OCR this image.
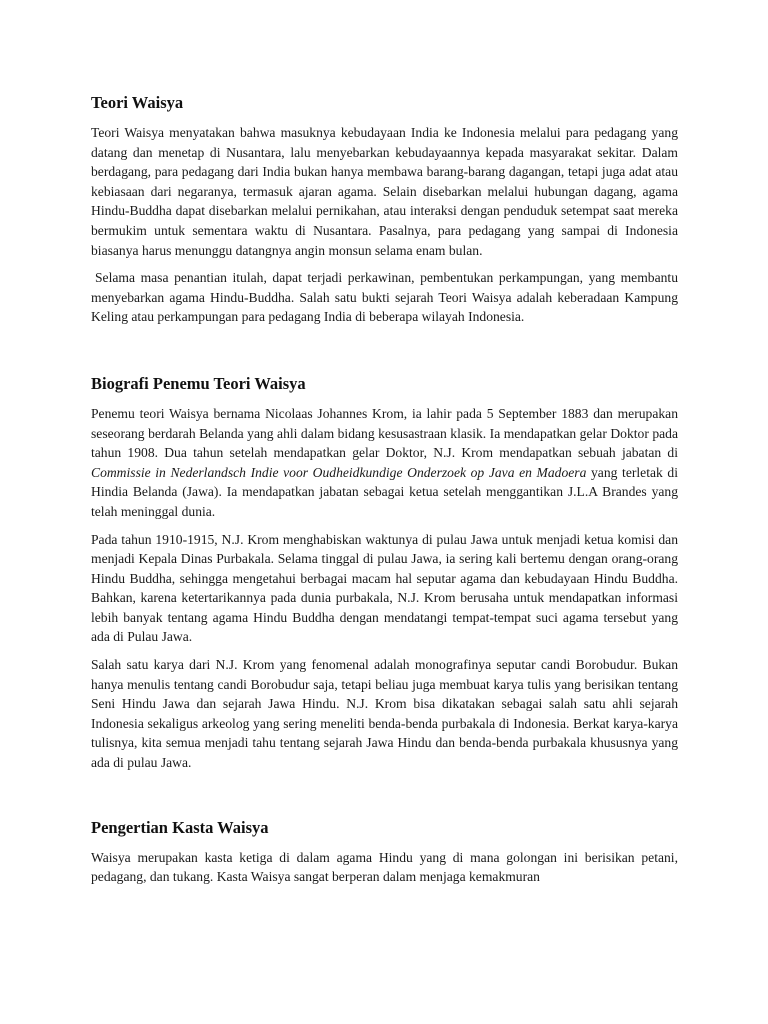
Teori Waisya

Teori Waisya menyatakan bahwa masuknya kebudayaan India ke Indonesia melalui para pedagang yang datang dan menetap di Nusantara, lalu menyebarkan kebudayaannya kepada masyarakat sekitar. Dalam berdagang, para pedagang dari India bukan hanya membawa barang-barang dagangan, tetapi juga adat atau kebiasaan dari negaranya, termasuk ajaran agama. Selain disebarkan melalui hubungan dagang, agama Hindu-Buddha dapat disebarkan melalui pernikahan, atau interaksi dengan penduduk setempat saat mereka bermukim untuk sementara waktu di Nusantara. Pasalnya, para pedagang yang sampai di Indonesia biasanya harus menunggu datangnya angin monsun selama enam bulan.

Selama masa penantian itulah, dapat terjadi perkawinan, pembentukan perkampungan, yang membantu menyebarkan agama Hindu-Buddha. Salah satu bukti sejarah Teori Waisya adalah keberadaan Kampung Keling atau perkampungan para pedagang India di beberapa wilayah Indonesia.

Biografi Penemu Teori Waisya

Penemu teori Waisya bernama Nicolaas Johannes Krom, ia lahir pada 5 September 1883 dan merupakan seseorang berdarah Belanda yang ahli dalam bidang kesusastraan klasik. Ia mendapatkan gelar Doktor pada tahun 1908. Dua tahun setelah mendapatkan gelar Doktor, N.J. Krom mendapatkan sebuah jabatan di Commissie in Nederlandsch Indie voor Oudheidkundige Onderzoek op Java en Madoera yang terletak di Hindia Belanda (Jawa). Ia mendapatkan jabatan sebagai ketua setelah menggantikan J.L.A Brandes yang telah meninggal dunia.

Pada tahun 1910-1915, N.J. Krom menghabiskan waktunya di pulau Jawa untuk menjadi ketua komisi dan menjadi Kepala Dinas Purbakala. Selama tinggal di pulau Jawa, ia sering kali bertemu dengan orang-orang Hindu Buddha, sehingga mengetahui berbagai macam hal seputar agama dan kebudayaan Hindu Buddha. Bahkan, karena ketertarikannya pada dunia purbakala, N.J. Krom berusaha untuk mendapatkan informasi lebih banyak tentang agama Hindu Buddha dengan mendatangi tempat-tempat suci agama tersebut yang ada di Pulau Jawa.

Salah satu karya dari N.J. Krom yang fenomenal adalah monografinya seputar candi Borobudur. Bukan hanya menulis tentang candi Borobudur saja, tetapi beliau juga membuat karya tulis yang berisikan tentang Seni Hindu Jawa dan sejarah Jawa Hindu. N.J. Krom bisa dikatakan sebagai salah satu ahli sejarah Indonesia sekaligus arkeolog yang sering meneliti benda-benda purbakala di Indonesia. Berkat karya-karya tulisnya, kita semua menjadi tahu tentang sejarah Jawa Hindu dan benda-benda purbakala khususnya yang ada di pulau Jawa.

Pengertian Kasta Waisya

Waisya merupakan kasta ketiga di dalam agama Hindu yang di mana golongan ini berisikan petani, pedagang, dan tukang. Kasta Waisya sangat berperan dalam menjaga kemakmuran
